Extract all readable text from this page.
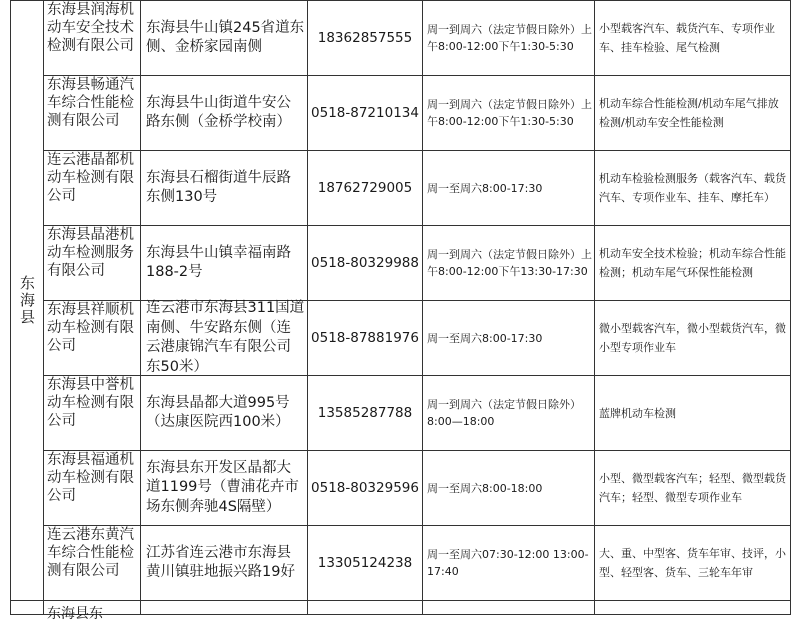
东海县	东海县润海机动车安全技术检测有限公司	东海县牛山镇245省道东侧、金桥家园南侧	18362857555	周一到周六（法定节假日除外）上午8:00-12:00下午1:30-5:30	小型载客汽车、载货汽车、专项作业车、挂车检验、尾气检测

东海县畅通汽车综合性能检测有限公司	东海县牛山街道牛安公路东侧（金桥学校南）	0518-87210134	周一到周六（法定节假日除外）上午8:00-12:00下午1:30-5:30	机动车综合性能检测/机动车尾气排放检测/机动车安全性能检测

连云港晶都机动车检测有限公司	东海县石榴街道牛辰路东侧130号	18762729005	周一至周六8:00-17:30	机动车检验检测服务（载客汽车、载货汽车、专项作业车、挂车、摩托车）

东海县晶港机动车检测服务有限公司	东海县牛山镇幸福南路188-2号	0518-80329988	周一到周六（法定节假日除外）上午8:00-12:00下午13:30-17:30	机动车安全技术检验；机动车综合性能检测；机动车尾气环保性能检测

东海县祥顺机动车检测有限公司	连云港市东海县311国道南侧、牛安路东侧（连云港康锦汽车有限公司东50米）	0518-87881976	周一至周六8:00-17:30	微小型载客汽车，微小型载货汽车，微小型专项作业车

东海县中誉机动车检测有限公司	东海县晶都大道995号（达康医院西100米）	13585287788	周一到周六（法定节假日除外）8:00—18:00	蓝牌机动车检测

东海县福通机动车检测有限公司	东海县东开发区晶都大道1199号（曹浦花卉市场东侧奔驰4S隔壁）	0518-80329596	周一至周六8:00-18:00	小型、微型载客汽车；轻型、微型载货汽车；轻型、微型专项作业车

连云港东黄汽车综合性能检测有限公司	江苏省连云港市东海县黄川镇驻地振兴路19好	13305124238	周一至周六07:30-12:00 13:00-17:40	大、重、中型客、货车年审、技评，小型、轻型客、货车、三轮车年审

	东海县东				
